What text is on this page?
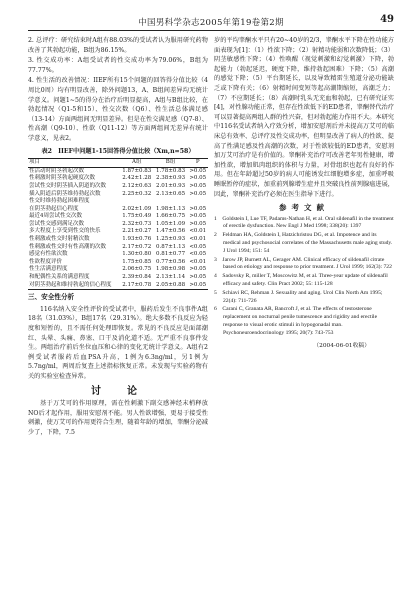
中国男科学杂志2005年第19卷第2期	49

2. 总评疗：研究结束时A组有88.03%的受试者认为服用研究药物改善了其勃起功能，B组为86.15%。

3. 性交成功率：A组受试者的性交成功率为79.06%，B组为77.77%。

4. 性生活的改善情况：IIEF所有15个问题的回答得分值比较（4周比0周）均有明显改善，除外问题13，A、B组间差异均无统计学意义。问题1~5的得分在治疗后明显提高，A组与B组比较，在勃起情况（Q1-5和15）、性交次数（Q6）、性生活总体满足感（13-14）方面两组间无明显差异。但是在性交满足感（Q7-8）、性高潮（Q9-10）、性欲（Q11-12）等方面两组间无差异有统计学意义，见表2。

表2　IIEF中问题1-15回答得分值比较（Xm,n=58）
项目	A组	B组	P
性活动时阴茎勃起次数	1.87±0.83	1.78±0.83	>0.05
性刺激时阴茎勃起硬度次数	2.42±1.28	2.38±0.93	>0.05
尝试性交时阴茎插入阴道的次数	2.12±0.63	2.01±0.93	>0.05
插入阴道后阴茎维持勃起次数	2.25±0.32	2.13±0.65	>0.05
性交时维持勃起困难程度			
在阴茎勃起信心程度	2.02±1.09	1.98±1.13	>0.05
最近4周尝试性交次数	1.75±0.49	1.66±0.75	>0.05
尝试性交感到满足次数	2.32±0.73	1.05±1.09	>0.05
多大程度上享受到性交的快乐	2.21±0.27	1.47±0.56	<0.01
性刺激或性交时射精次数	1.93±0.76	1.25±0.93	<0.01
性刺激或性交时有性高潮的次数	2.17±0.72	0.87±1.13	<0.05
感觉有性欲次数	1.30±0.80	0.81±0.77	<0.05
性欲程度评价	1.75±0.85	0.77±0.56	<0.01
性生活满意程度	2.06±0.75	1.98±0.98	>0.05
和配偶性关系的满意程度	2.39±0.84	2.13±1.14	>0.05
对阴茎勃起和维持勃起的信心程度	2.17±0.78	2.05±0.88	>0.05
三、安全性分析

116名纳入安全性评价的受试者中，服药后发生不良事件A组18名（31.03%），B组17名（29.31%）。绝大多数不良反应为轻度和短暂的，且不需任何处理即恢复。常见的不良反应是面部潮红、头晕、头痛、鼻塞、口干及消化道不适。无严重不良事件发生。两组治疗前后坐位血压和心律的变化无统计学意义。A组有2例受试者服药后血PSA升高，1例为6.3ng/ml，另1例为5.7ng/ml，两周后复查上述指标恢复正常。未发现与实验药物有关的实验室检查异常。

讨　论

基于万艾可的作用原理，需在性刺激下副交感神经末梢释放NO后才起作用，服用安慰剂不能。男人性欲增强，更易于接受性刺激，使万艾可的作用更符合生理，随着年龄的增加，睾酮分泌减少了，下降，7.5

岁的平均睾酮水平只有20~40岁的2/3，睾酮水平下降在性功能方面表现为[1]：（1）性欲下降；（2）射精功能弱和次数降低；（3）阴茎敏感性下降；（4）性唤醒（视觉刺激和幻觉刺激）下降，勃起能力（勃起延迟，硬度下降，维持勃起困难）下降；（5）高潮的感觉下降；（5）平台期延长，以及导致精雷生殖道分泌功能缺乏或下降有关；（6）射精时间变短等起高潮期缩短，高潮乏力；（7）不应期延长；（8）高潮时乳头无充血和勃起，已有研究证实[4]，对性腺功能正常，但存在性欲低下的ED患者，睾酮替代治疗可以显著提高两组人群的性兴奋，但对勃起能力作用不大。本研究中116名受试者纳入疗效分析，增加安慰剂后并未提高万艾可的临床总有效率、总评疗及性交成功率，但明显改善了病人的性欲、提高了性满足感及性高潮的次数，对于性欲较低的ED患者，安慰剂加万艾可治疗是有价值的。睾酮补充治疗可改善老年男性健康，增加性欲，增加肌肉组织的体积与力量，对骨组织也起有良好的作用。但在年龄超过50岁的病人可能诱发红细胞增多症，加重呼吸睡眠暂停的症状，加重前列腺增生症并且突破良性前列腺癌进展，因此，睾酮补充治疗必须在医生指导下进行。

参考文献
1　Goldstein I, Lue TF, Padams-Nathan H, et al. Oral sildenafil in the treatment of erectile dysfunction. New Engl J Med 1998; 338(20): 1397
2　Feldman HA, Goldstein I, Hatzichristou DG, et al. Impotence and its medical and psychosocial correlates of the Massachusetts male aging study. J Urol 1994; 151: 54
3　Jarow JP, Burnett AL, Gerager AM. Clinical efficacy of sildenafil citrate based on etiology and response to prior treatment. J Urol 1999; 162(3): 722
4　Sadovsky R, miller T, Moscowitz M, et al. Three-year update of sildenafil efficacy and safety. Clin Pract 2002; 55: 115-128
5　Schiavi RC, Rehman J. Sexuality and aging. Urol Clin North Am 1995; 22(4): 711-726
6　Carani C, Granata AR, Bancroft J, et al. The effects of testosterone replacement on nocturnal penile tumescence and rigidity and erectile response to visual erotic stimuli in hypogonadal man. Psychoneuroendocrinology 1995; 20(7): 743-753
（2004-06-01收稿）
